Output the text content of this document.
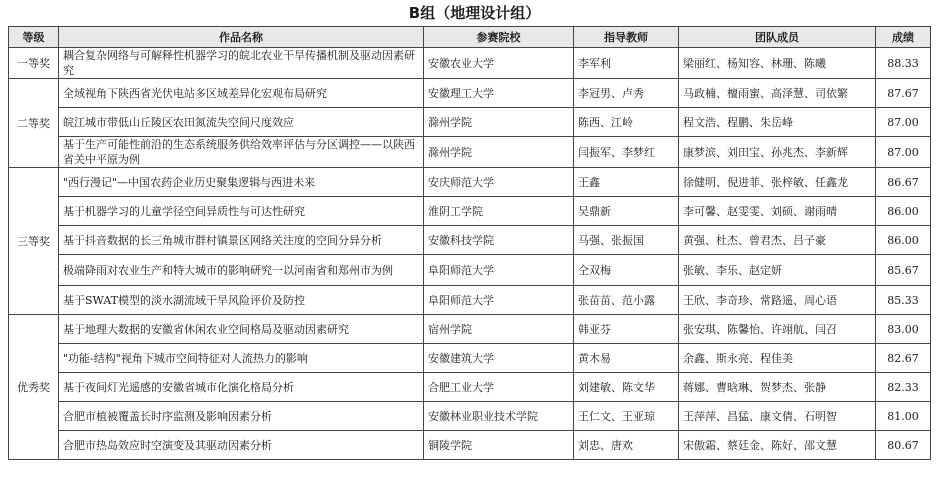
B组（地理设计组）
等级	作品名称	参赛院校	指导教师	团队成员	成绩
一等奖	耦合复杂网络与可解释性机器学习的皖北农业干旱传播机制及驱动因素研究	安徽农业大学	李军利	梁丽红、杨知容、林珊、陈曦	88.33
二等奖	全域视角下陕西省光伏电站多区域差异化宏观布局研究	安徽理工大学	李冠男、卢秀	马政楠、檀雨蜜、高泽慧、司依繁	87.67
	皖江城市带低山丘陵区农田氮流失空间尺度效应	滁州学院	陈西、江岭	程文浩、程鹏、朱岳峰	87.00
	基于生产可能性前沿的生态系统服务供给效率评估与分区调控——以陕西省关中平原为例	滁州学院	闫振军、李梦红	康梦滨、刘田宝、孙兆杰、李新辉	87.00
三等奖	"西行漫记"—中国农药企业历史聚集逻辑与西进未来	安庆师范大学	王鑫	徐健明、倪进菲、张梓敏、任鑫龙	86.67
	基于机器学习的儿童学径空间异质性与可达性研究	淮阴工学院	吴鼎新	李可馨、赵雯雯、刘硕、谢雨晴	86.00
	基于抖音数据的长三角城市群村镇景区网络关注度的空间分异分析	安徽科技学院	马强、张振国	黄强、杜杰、曾君杰、吕子豪	86.00
	极端降雨对农业生产和特大城市的影响研究一以河南省和郑州市为例	阜阳师范大学	仝双梅	张敏、李乐、赵定妍	85.67
	基于SWAT模型的淡水湖流域干旱风险评价及防控	阜阳师范大学	张苗苗、范小露	王欣、李奇珍、常路遥、周心语	85.33
优秀奖	基于地理大数据的安徽省休闲农业空间格局及驱动因素研究	宿州学院	韩亚芬	张安琪、陈馨怡、许翊航、闫召	83.00
	"功能-结构"视角下城市空间特征对人流热力的影响	安徽建筑大学	黄木易	余鑫、斯永亮、程佳美	82.67
	基于夜间灯光遥感的安徽省城市化演化格局分析	合肥工业大学	刘建敏、陈文华	蒋娜、曹晗琳、贺梦杰、张静	82.33
	合肥市植被覆盖长时序监测及影响因素分析	安徽林业职业技术学院	王仁文、王亚琼	王萍萍、昌猛、康文倩、石明智	81.00
	合肥市热岛效应时空演变及其驱动因素分析	铜陵学院	刘忠、唐欢	宋傲霜、蔡廷金、陈好、邵文慧	80.67
